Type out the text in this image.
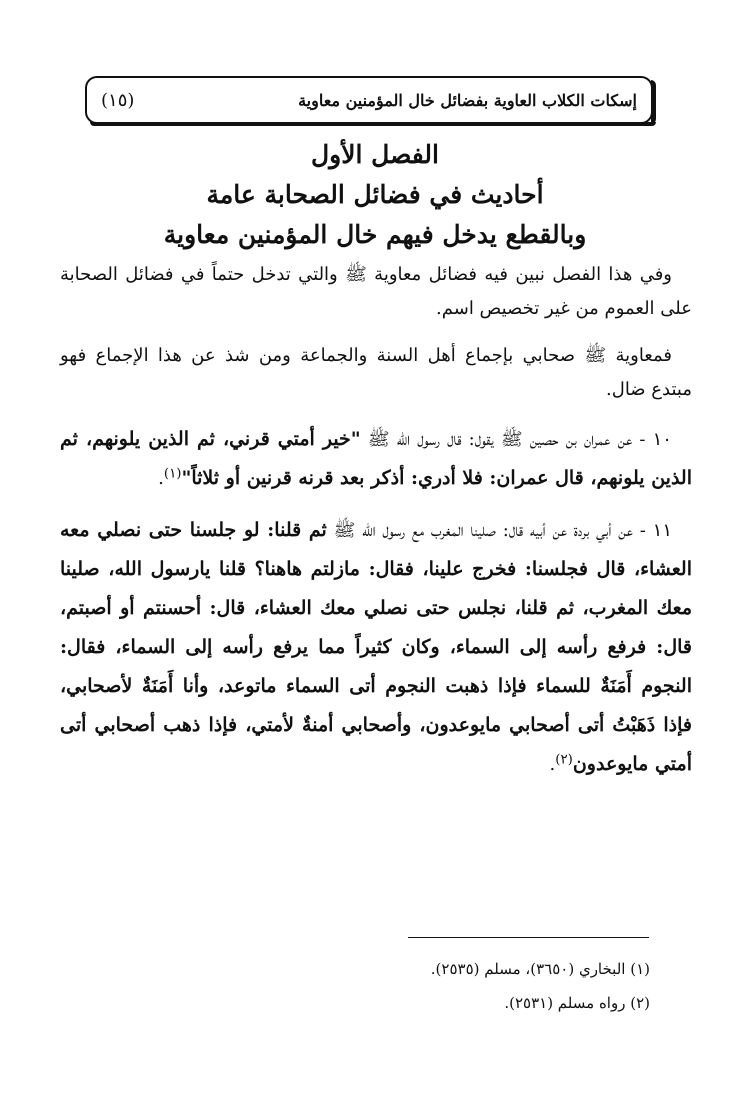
إسكات الكلاب العاوية بفضائل خال المؤمنين معاوية
(١٥)
الفصل الأول
أحاديث في فضائل الصحابة عامة
وبالقطع يدخل فيهم خال المؤمنين معاوية

وفي هذا الفصل نبين فيه فضائل معاوية ﷺ والتي تدخل حتماً في فضائل الصحابة على العموم من غير تخصيص اسم.

فمعاوية ﷺ صحابي بإجماع أهل السنة والجماعة ومن شذ عن هذا الإجماع فهو مبتدع ضال.

١٠ - عن عمران بن حصين ﷺ يقول: قال رسول الله ﷺ "خير أمتي قرني، ثم الذين يلونهم، ثم الذين يلونهم، قال عمران: فلا أدري: أذكر بعد قرنه قرنين أو ثلاثاً"$^{(١)}$.

١١ - عن أبي بردة عن أبيه قال: صلينا المغرب مع رسول الله ﷺ ثم قلنا: لو جلسنا حتى نصلي معه العشاء، قال فجلسنا: فخرج علينا، فقال: مازلتم هاهنا؟ قلنا يارسول الله، صلينا معك المغرب، ثم قلنا، نجلس حتى نصلي معك العشاء، قال: أحسنتم أو أصبتم، قال: فرفع رأسه إلى السماء، وكان كثيراً مما يرفع رأسه إلى السماء، فقال: النجوم أَمَنَةٌ للسماء فإذا ذهبت النجوم أتى السماء ماتوعد، وأنا أَمَنَةٌ لأصحابي، فإذا ذَهَبْتُ أتى أصحابي مايوعدون، وأصحابي أمنةٌ لأمتي، فإذا ذهب أصحابي أتى أمتي مايوعدون$^{(٢)}$.

(١) البخاري (٣٦٥٠)، مسلم (٢٥٣٥).

(٢) رواه مسلم (٢٥٣١).
